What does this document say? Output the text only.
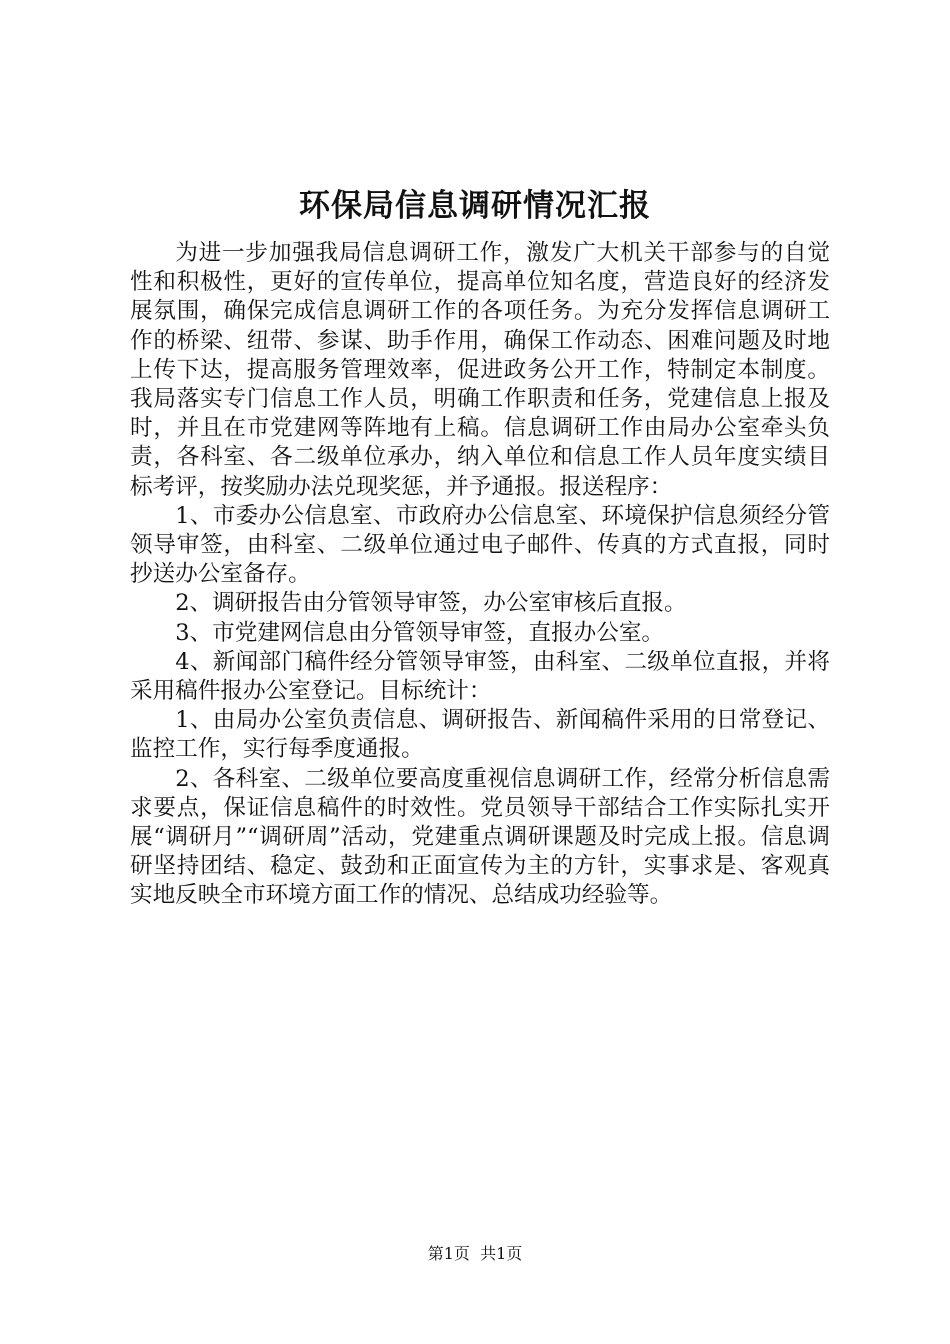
环保局信息调研情况汇报

为进一步加强我局信息调研工作，激发广大机关干部参与的自觉性和积极性，更好的宣传单位，提高单位知名度，营造良好的经济发展氛围，确保完成信息调研工作的各项任务。为充分发挥信息调研工作的桥梁、纽带、参谋、助手作用，确保工作动态、困难问题及时地上传下达，提高服务管理效率，促进政务公开工作，特制定本制度。我局落实专门信息工作人员，明确工作职责和任务，党建信息上报及时，并且在市党建网等阵地有上稿。信息调研工作由局办公室牵头负责，各科室、各二级单位承办，纳入单位和信息工作人员年度实绩目标考评，按奖励办法兑现奖惩，并予通报。报送程序：

1、市委办公信息室、市政府办公信息室、环境保护信息须经分管领导审签，由科室、二级单位通过电子邮件、传真的方式直报，同时抄送办公室备存。

2、调研报告由分管领导审签，办公室审核后直报。

3、市党建网信息由分管领导审签，直报办公室。

4、新闻部门稿件经分管领导审签，由科室、二级单位直报，并将采用稿件报办公室登记。目标统计：

1、由局办公室负责信息、调研报告、新闻稿件采用的日常登记、监控工作，实行每季度通报。

2、各科室、二级单位要高度重视信息调研工作，经常分析信息需求要点，保证信息稿件的时效性。党员领导干部结合工作实际扎实开展“调研月”“调研周”活动，党建重点调研课题及时完成上报。信息调研坚持团结、稳定、鼓劲和正面宣传为主的方针，实事求是、客观真实地反映全市环境方面工作的情况、总结成功经验等。

第1页 共1页
